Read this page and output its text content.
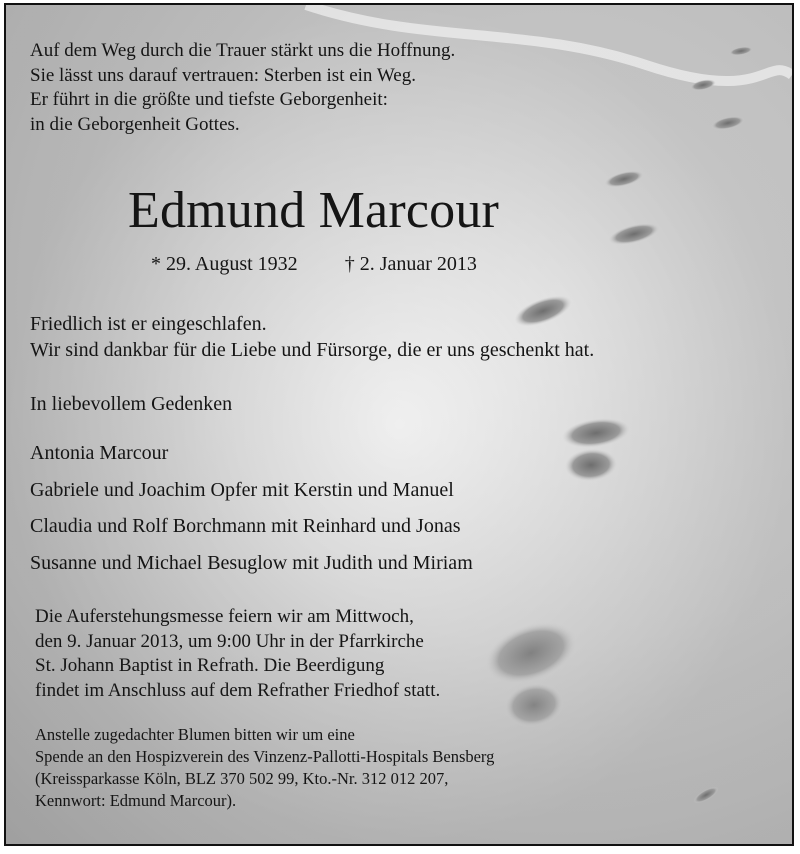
Auf dem Weg durch die Trauer stärkt uns die Hoffnung.
Sie lässt uns darauf vertrauen: Sterben ist ein Weg.
Er führt in die größte und tiefste Geborgenheit:
in die Geborgenheit Gottes.
Edmund Marcour
* 29. August 1932 † 2. Januar 2013
Friedlich ist er eingeschlafen.
Wir sind dankbar für die Liebe und Fürsorge, die er uns geschenkt hat.
In liebevollem Gedenken
Antonia Marcour
Gabriele und Joachim Opfer mit Kerstin und Manuel
Claudia und Rolf Borchmann mit Reinhard und Jonas
Susanne und Michael Besuglow mit Judith und Miriam
Die Auferstehungsmesse feiern wir am Mittwoch,
den 9. Januar 2013, um 9:00 Uhr in der Pfarrkirche
St. Johann Baptist in Refrath. Die Beerdigung
findet im Anschluss auf dem Refrather Friedhof statt.
Anstelle zugedachter Blumen bitten wir um eine
Spende an den Hospizverein des Vinzenz-Pallotti-Hospitals Bensberg
(Kreissparkasse Köln, BLZ 370 502 99, Kto.-Nr. 312 012 207,
Kennwort: Edmund Marcour).
